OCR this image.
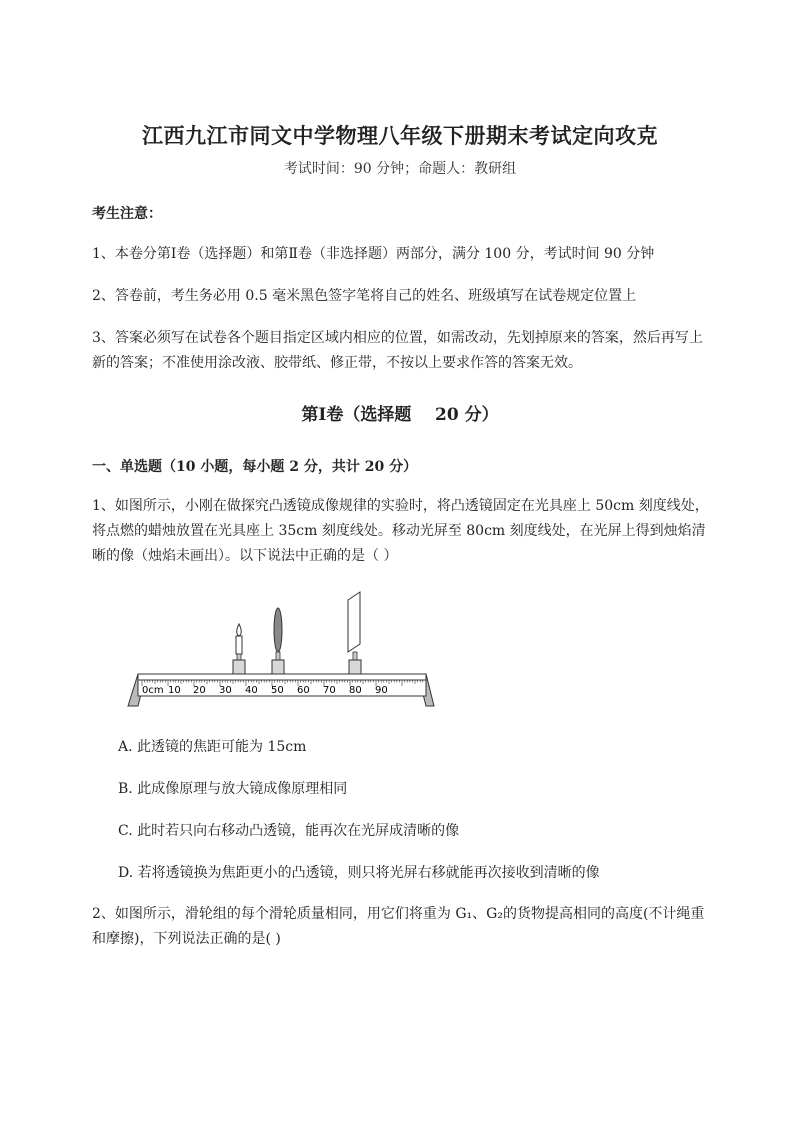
江西九江市同文中学物理八年级下册期末考试定向攻克
考试时间：90 分钟；命题人：教研组
考生注意：
1、本卷分第Ⅰ卷（选择题）和第Ⅱ卷（非选择题）两部分，满分 100 分，考试时间 90 分钟
2、答卷前，考生务必用 0.5 毫米黑色签字笔将自己的姓名、班级填写在试卷规定位置上
3、答案必须写在试卷各个题目指定区域内相应的位置，如需改动，先划掉原来的答案，然后再写上新的答案；不准使用涂改液、胶带纸、修正带，不按以上要求作答的答案无效。
第Ⅰ卷（选择题    20 分）
一、单选题（10 小题，每小题 2 分，共计 20 分）
1、如图所示，小刚在做探究凸透镜成像规律的实验时，将凸透镜固定在光具座上 50cm 刻度线处，将点燃的蜡烛放置在光具座上 35cm 刻度线处。移动光屏至 80cm 刻度线处，在光屏上得到烛焰清晰的像（烛焰未画出）。以下说法中正确的是（ ）
0cm 10 20 30 40 50 60 70 80 90
A. 此透镜的焦距可能为 15cm
B. 此成像原理与放大镜成像原理相同
C. 此时若只向右移动凸透镜，能再次在光屏成清晰的像
D. 若将透镜换为焦距更小的凸透镜，则只将光屏右移就能再次接收到清晰的像
2、如图所示，滑轮组的每个滑轮质量相同，用它们将重为 G₁、G₂的货物提高相同的高度(不计绳重和摩擦)，下列说法正确的是( )
